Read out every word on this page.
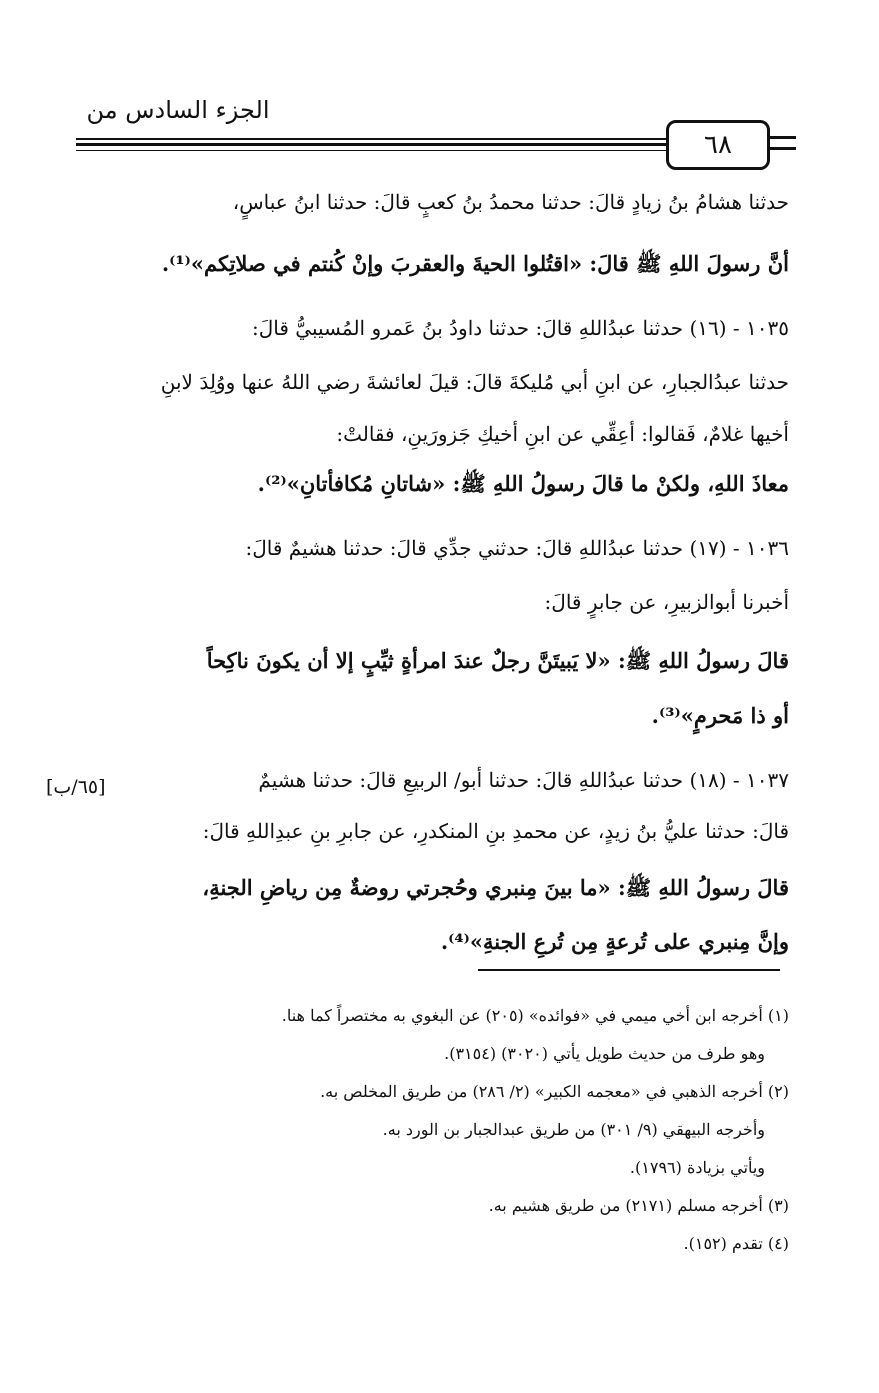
الجزء السادس من
٦٨
حدثنا هشامُ بنُ زيادٍ قالَ: حدثنا محمدُ بنُ كعبٍ قالَ: حدثنا ابنُ عباسٍ،
أنَّ رسولَ اللهِ ﷺ قالَ: «اقتُلوا الحيةَ والعقربَ وإنْ كُنتم في صلاتِكم»⁽¹⁾.
١٠٣٥ - (١٦) حدثنا عبدُاللهِ قالَ: حدثنا داودُ بنُ عَمرو المُسيبيُّ قالَ:
حدثنا عبدُالجبارِ، عن ابنِ أبي مُليكةَ قالَ: قيلَ لعائشةَ رضي اللهُ عنها ووُلِدَ لابنِ
أخيها غلامٌ، فَقالوا: أعِقِّي عن ابنِ أخيكِ جَزورَينِ، فقالتْ:
معاذَ اللهِ، ولكنْ ما قالَ رسولُ اللهِ ﷺ: «شاتانِ مُكافأتانِ»⁽²⁾.
١٠٣٦ - (١٧) حدثنا عبدُاللهِ قالَ: حدثني جدِّي قالَ: حدثنا هشيمٌ قالَ:
أخبرنا أبوالزبيرِ، عن جابرٍ قالَ:
قالَ رسولُ اللهِ ﷺ: «لا يَبيتَنَّ رجلٌ عندَ امرأةٍ ثيِّبٍ إلا أن يكونَ ناكِحاً
أو ذا مَحرمٍ»⁽³⁾.
١٠٣٧ - (١٨) حدثنا عبدُاللهِ قالَ: حدثنا أبو/ الربيعِ قالَ: حدثنا هشيمٌ
قالَ: حدثنا عليُّ بنُ زيدٍ، عن محمدِ بنِ المنكدرِ، عن جابرِ بنِ عبدِاللهِ قالَ:
قالَ رسولُ اللهِ ﷺ: «ما بينَ مِنبري وحُجرتي روضةٌ مِن رياضِ الجنةِ،
وإنَّ مِنبري على تُرعةٍ مِن تُرعِ الجنةِ»⁽⁴⁾.
[٦٥/ب]
(١) أخرجه ابن أخي ميمي في «فوائده» (٢٠٥) عن البغوي به مختصراً كما هنا.
وهو طرف من حديث طويل يأتي (٣٠٢٠) (٣١٥٤).
(٢) أخرجه الذهبي في «معجمه الكبير» (٢/ ٢٨٦) من طريق المخلص به.
وأخرجه البيهقي (٩/ ٣٠١) من طريق عبدالجبار بن الورد به.
ويأتي بزيادة (١٧٩٦).
(٣) أخرجه مسلم (٢١٧١) من طريق هشيم به.
(٤) تقدم (١٥٢).
